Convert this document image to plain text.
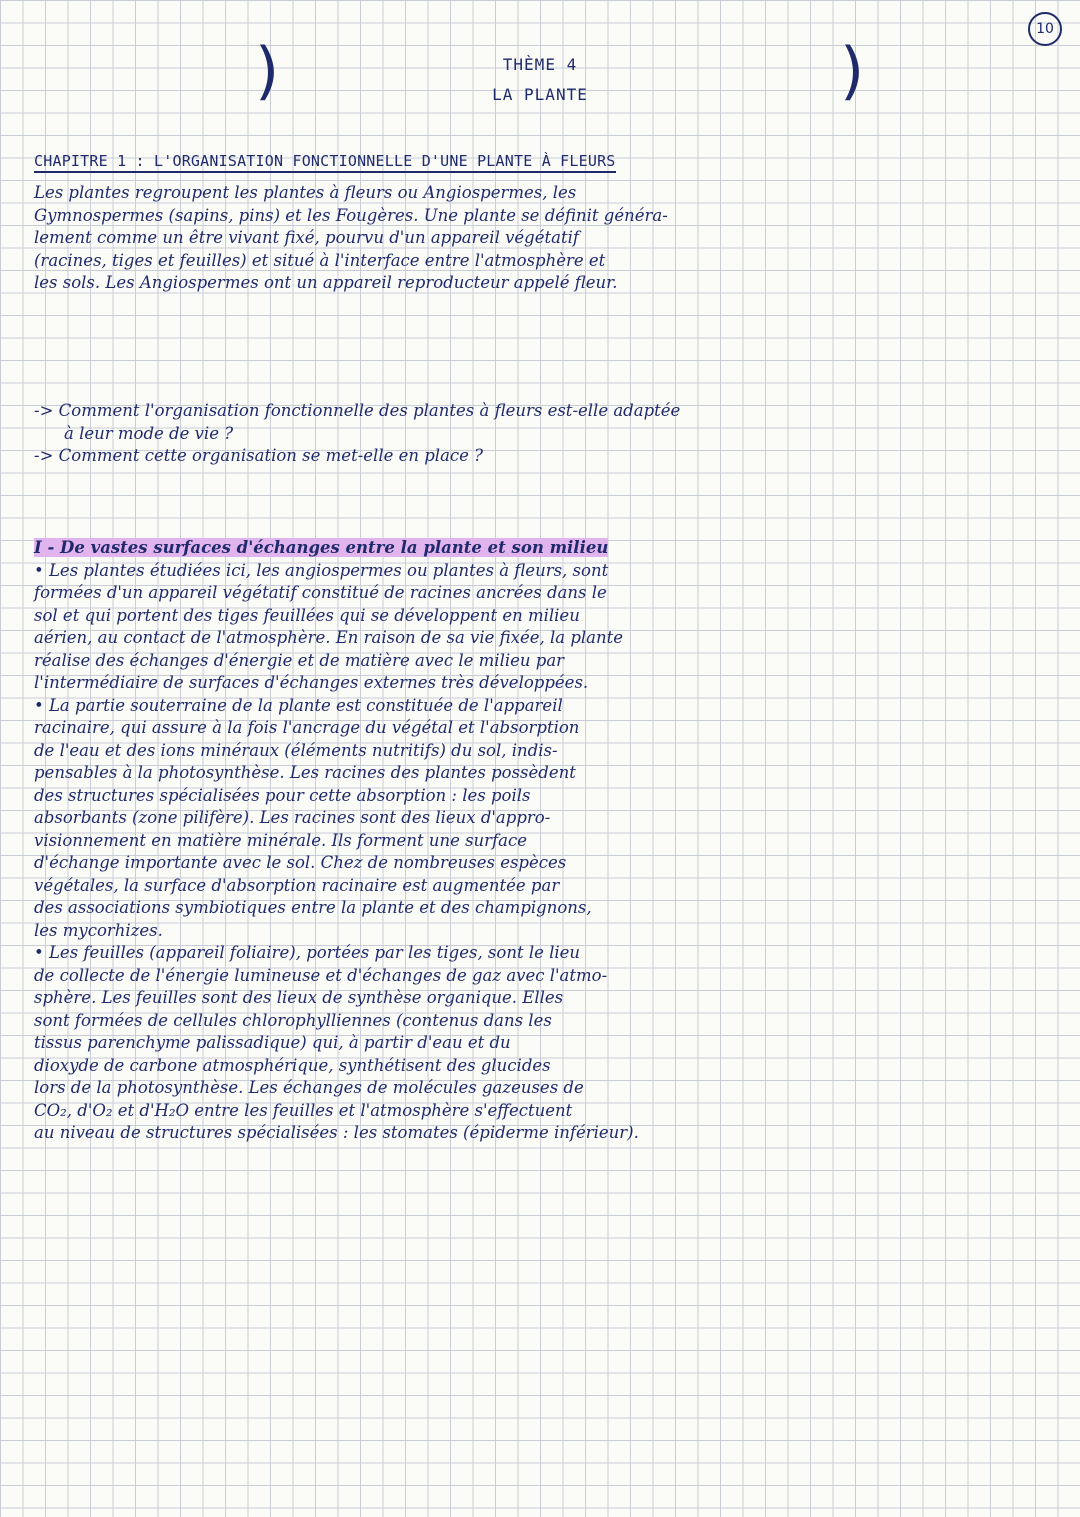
10
)	)
THÈME 4
LA PLANTE
CHAPITRE 1 : L'ORGANISATION FONCTIONNELLE D'UNE PLANTE À FLEURS
Les plantes regroupent les plantes à fleurs ou Angiospermes, les
Gymnospermes (sapins, pins) et les Fougères. Une plante se définit généra-
lement comme un être vivant fixé, pourvu d'un appareil végétatif
(racines, tiges et feuilles) et situé à l'interface entre l'atmosphère et
les sols. Les Angiospermes ont un appareil reproducteur appelé fleur.
-> Comment l'organisation fonctionnelle des plantes à fleurs est-elle adaptée
à leur mode de vie ?
-> Comment cette organisation se met-elle en place ?
I - De vastes surfaces d'échanges entre la plante et son milieu
• Les plantes étudiées ici, les angiospermes ou plantes à fleurs, sont
formées d'un appareil végétatif constitué de racines ancrées dans le
sol et qui portent des tiges feuillées qui se développent en milieu
aérien, au contact de l'atmosphère. En raison de sa vie fixée, la plante
réalise des échanges d'énergie et de matière avec le milieu par
l'intermédiaire de surfaces d'échanges externes très développées.
• La partie souterraine de la plante est constituée de l'appareil
racinaire, qui assure à la fois l'ancrage du végétal et l'absorption
de l'eau et des ions minéraux (éléments nutritifs) du sol, indis-
pensables à la photosynthèse. Les racines des plantes possèdent
des structures spécialisées pour cette absorption : les poils
absorbants (zone pilifère). Les racines sont des lieux d'appro-
visionnement en matière minérale. Ils forment une surface
d'échange importante avec le sol. Chez de nombreuses espèces
végétales, la surface d'absorption racinaire est augmentée par
des associations symbiotiques entre la plante et des champignons,
les mycorhizes.
• Les feuilles (appareil foliaire), portées par les tiges, sont le lieu
de collecte de l'énergie lumineuse et d'échanges de gaz avec l'atmo-
sphère. Les feuilles sont des lieux de synthèse organique. Elles
sont formées de cellules chlorophylliennes (contenus dans les
tissus parenchyme palissadique) qui, à partir d'eau et du
dioxyde de carbone atmosphérique, synthétisent des glucides
lors de la photosynthèse. Les échanges de molécules gazeuses de
CO₂, d'O₂ et d'H₂O entre les feuilles et l'atmosphère s'effectuent
au niveau de structures spécialisées : les stomates (épiderme inférieur).
